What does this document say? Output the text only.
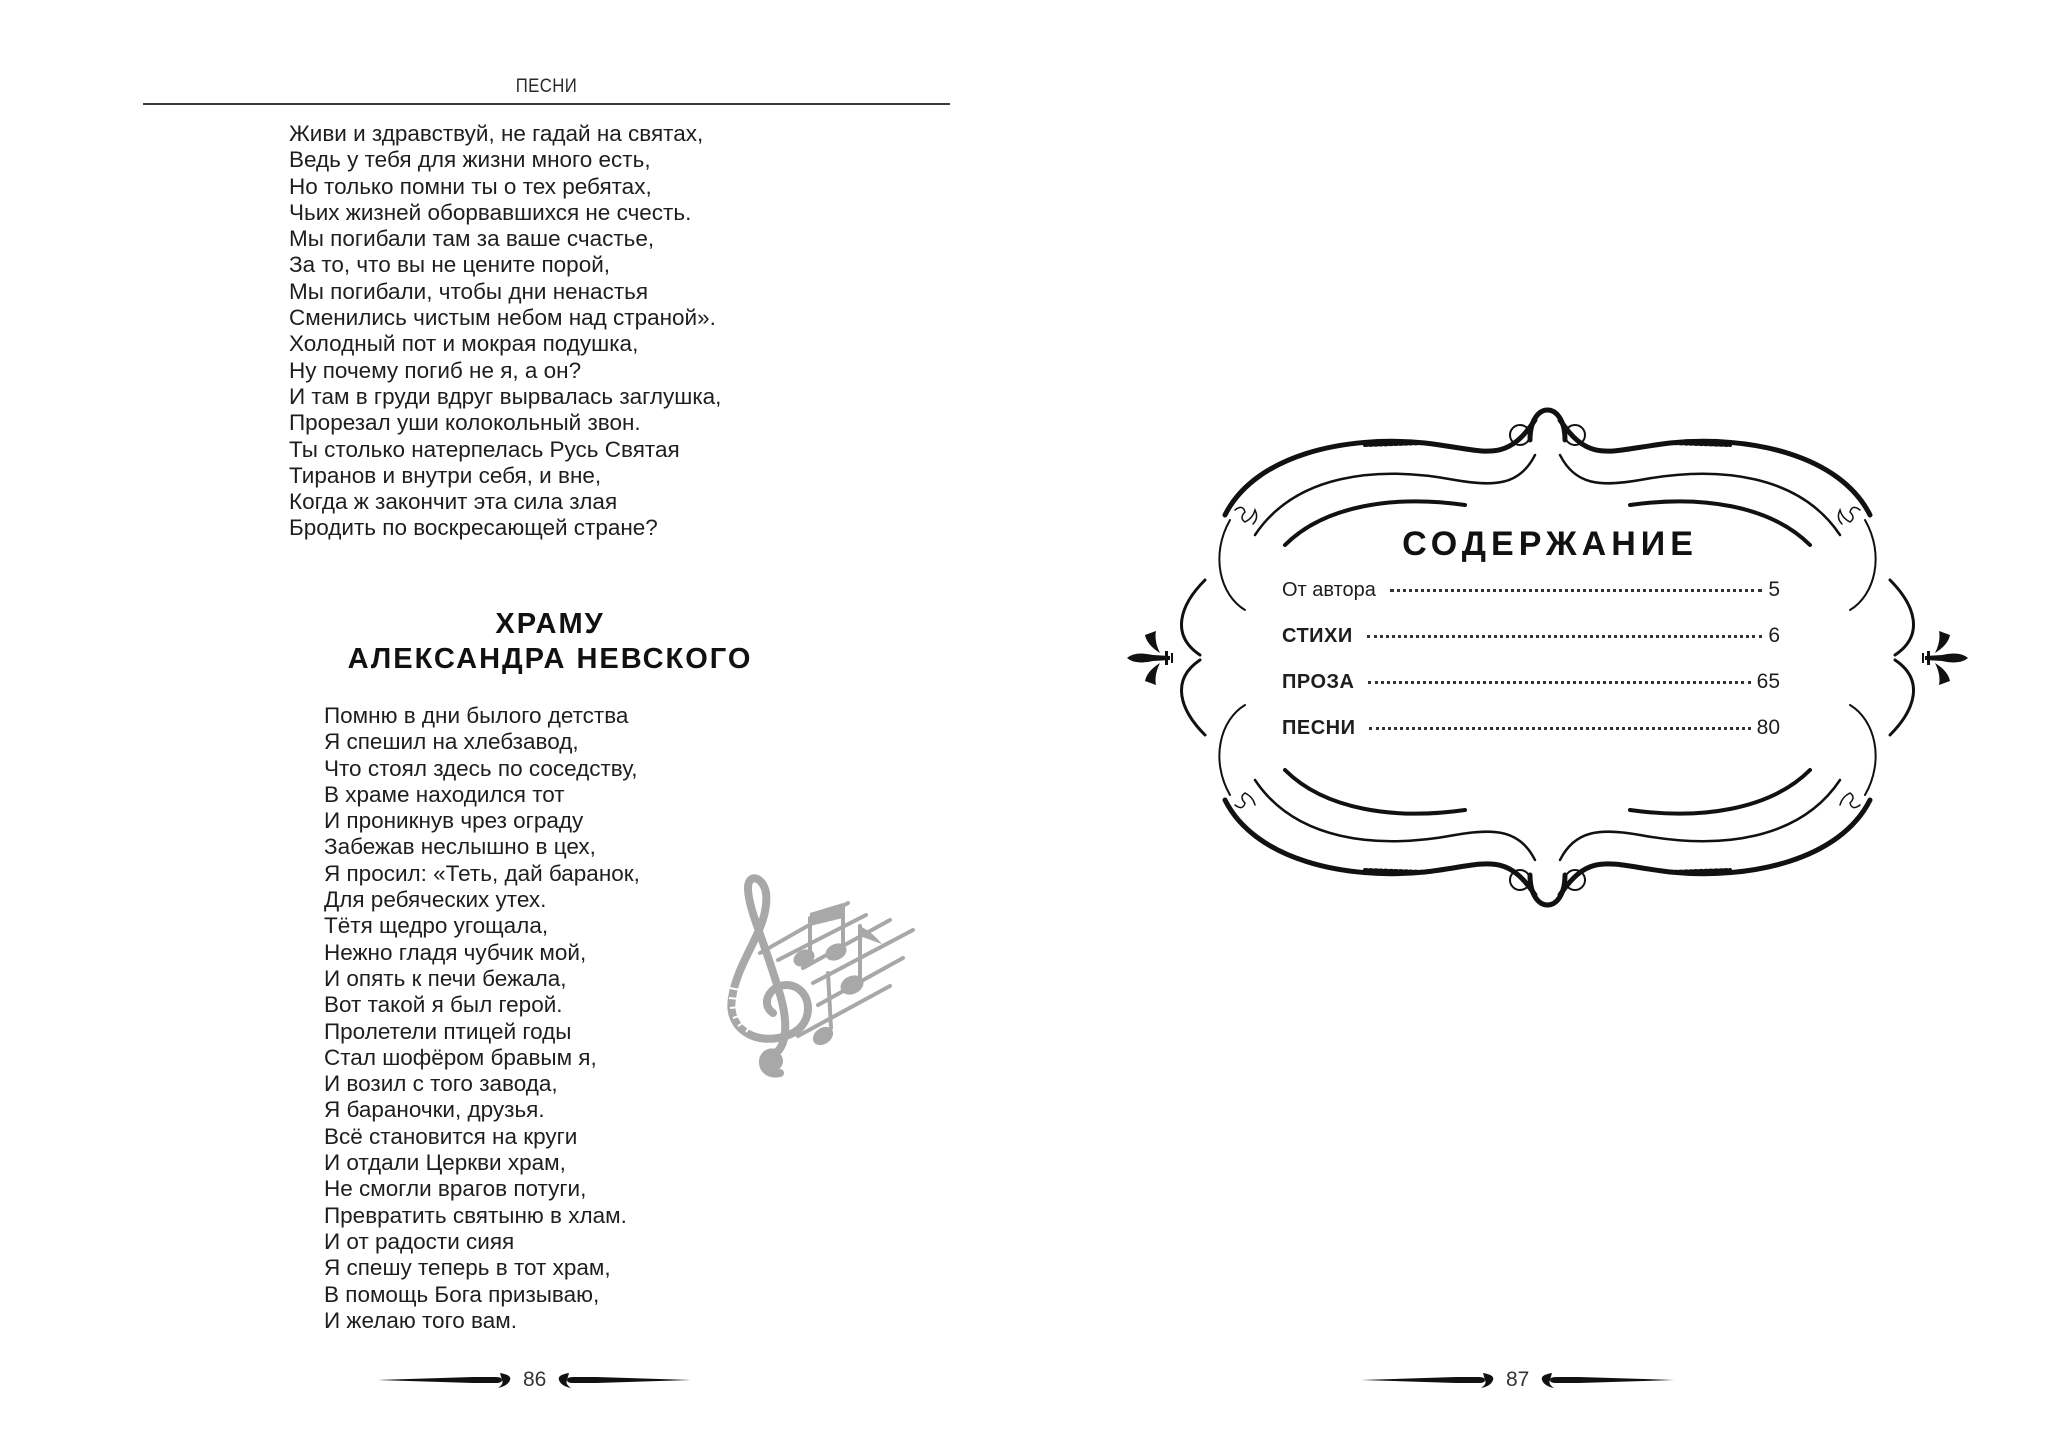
ПЕСНИ
Живи и здравствуй, не гадай на святах,
Ведь у тебя для жизни много есть,
Но только помни ты о тех ребятах,
Чьих жизней оборвавшихся не счесть.
Мы погибали там за ваше счастье,
За то, что вы не цените порой,
Мы погибали, чтобы дни ненастья
Сменились чистым небом над страной».
Холодный пот и мокрая подушка,
Ну почему погиб не я, а он?
И там в груди вдруг вырвалась заглушка,
Прорезал уши колокольный звон.
Ты столько натерпелась Русь Святая
Тиранов и внутри себя, и вне,
Когда ж закончит эта сила злая
Бродить по воскресающей стране?
ХРАМУ
АЛЕКСАНДРА НЕВСКОГО
Помню в дни былого детства
Я спешил на хлебзавод,
Что стоял здесь по соседству,
В храме находился тот
И проникнув чрез ограду
Забежав неслышно в цех,
Я просил: «Теть, дай баранок,
Для ребяческих утех.
Тётя щедро угощала,
Нежно гладя чубчик мой,
И опять к печи бежала,
Вот такой я был герой.
Пролетели птицей годы
Стал шофёром бравым я,
И возил с того завода,
Я бараночки, друзья.
Всё становится на круги
И отдали Церкви храм,
Не смогли врагов потуги,
Превратить святыню в хлам.
И от радости сияя
Я спешу теперь в тот храм,
В помощь Бога призываю,
И желаю того вам.
86
СОДЕРЖАНИЕ
От автора	5
СТИХИ	6
ПРОЗА	65
ПЕСНИ	80
87
